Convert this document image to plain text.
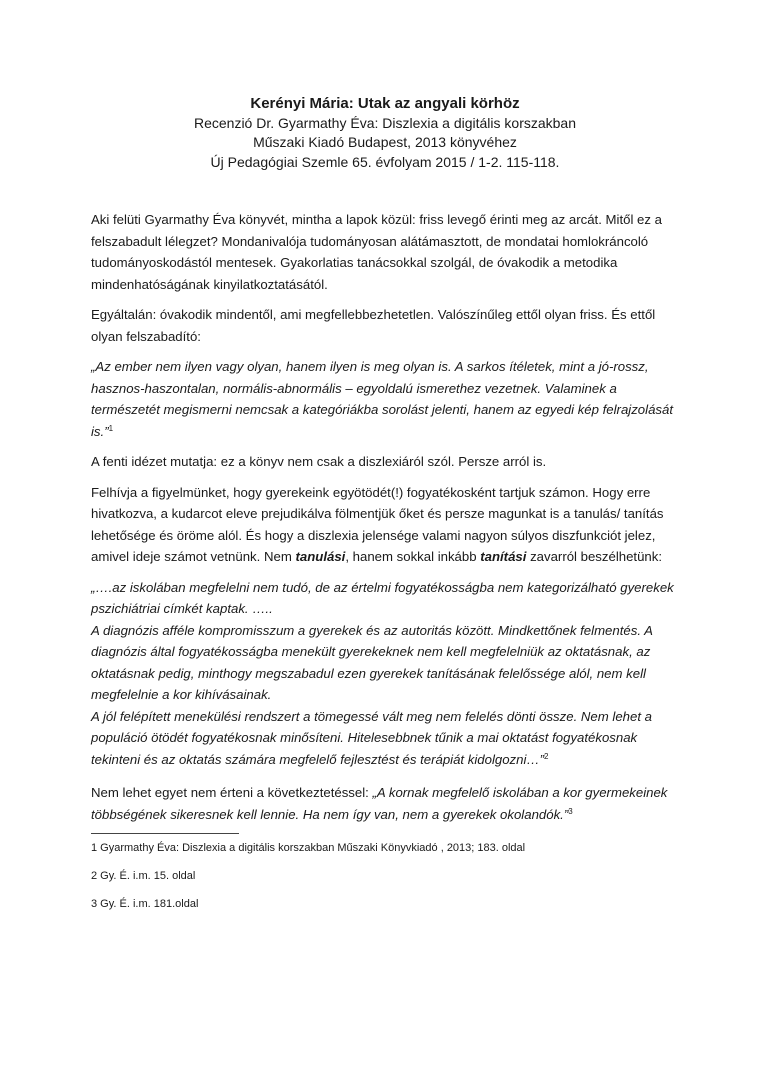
Kerényi Mária: Utak az angyali körhöz
Recenzió Dr. Gyarmathy Éva: Diszlexia a digitális korszakban
Műszaki Kiadó Budapest, 2013 könyvéhez
Új Pedagógiai Szemle 65. évfolyam 2015 / 1-2. 115-118.

Aki felüti Gyarmathy Éva könyvét, mintha a lapok közül: friss levegő érinti meg az arcát. Mitől ez a felszabadult lélegzet? Mondanivalója tudományosan alátámasztott, de mondatai homlokráncoló tudományoskodástól mentesek. Gyakorlatias tanácsokkal szolgál, de óvakodik a metodika mindenhatóságának kinyilatkoztatásától.

Egyáltalán: óvakodik mindentől, ami megfellebbezhetetlen. Valószínűleg ettől olyan friss. És ettől olyan felszabadító:

„Az ember nem ilyen vagy olyan, hanem ilyen is meg olyan is. A sarkos ítéletek, mint a jó-rossz, hasznos-haszontalan, normális-abnormális – egyoldalú ismerethez vezetnek. Valaminek a természetét megismerni nemcsak a kategóriákba sorolást jelenti, hanem az egyedi kép felrajzolását is.”$^1$

A fenti idézet mutatja: ez a könyv nem csak a diszlexiáról szól. Persze arról is.

Felhívja a figyelmünket, hogy gyerekeink egyötödét(!) fogyatékosként tartjuk számon. Hogy erre hivatkozva, a kudarcot eleve prejudikálva fölmentjük őket és persze magunkat is a tanulás/ tanítás lehetősége és öröme alól. És hogy a diszlexia jelensége valami nagyon súlyos diszfunkciót jelez, amivel ideje számot vetnünk. Nem tanulási, hanem sokkal inkább tanítási zavarról beszélhetünk:

„….az iskolában megfelelni nem tudó, de az értelmi fogyatékosságba nem kategorizálható gyerekek pszichiátriai címkét kaptak. …..

A diagnózis afféle kompromisszum a gyerekek és az autoritás között. Mindkettőnek felmentés. A diagnózis által fogyatékosságba menekült gyerekeknek nem kell megfelelniük az oktatásnak, az oktatásnak pedig, minthogy megszabadul ezen gyerekek tanításának felelőssége alól, nem kell megfelelnie a kor kihívásainak.

A jól felépített menekülési rendszert a tömegessé vált meg nem felelés dönti össze. Nem lehet a populáció ötödét fogyatékosnak minősíteni. Hitelesebbnek tűnik a mai oktatást fogyatékosnak tekinteni és az oktatás számára megfelelő fejlesztést és terápiát kidolgozni…”$^2$

Nem lehet egyet nem érteni a következtetéssel: „A kornak megfelelő iskolában a kor gyermekeinek többségének sikeresnek kell lennie. Ha nem így van, nem a gyerekek okolandók.”$^3$

1 Gyarmathy Éva: Diszlexia a digitális korszakban Műszaki Könyvkiadó , 2013; 183. oldal

2 Gy. É. i.m. 15. oldal

3 Gy. É. i.m. 181.oldal
